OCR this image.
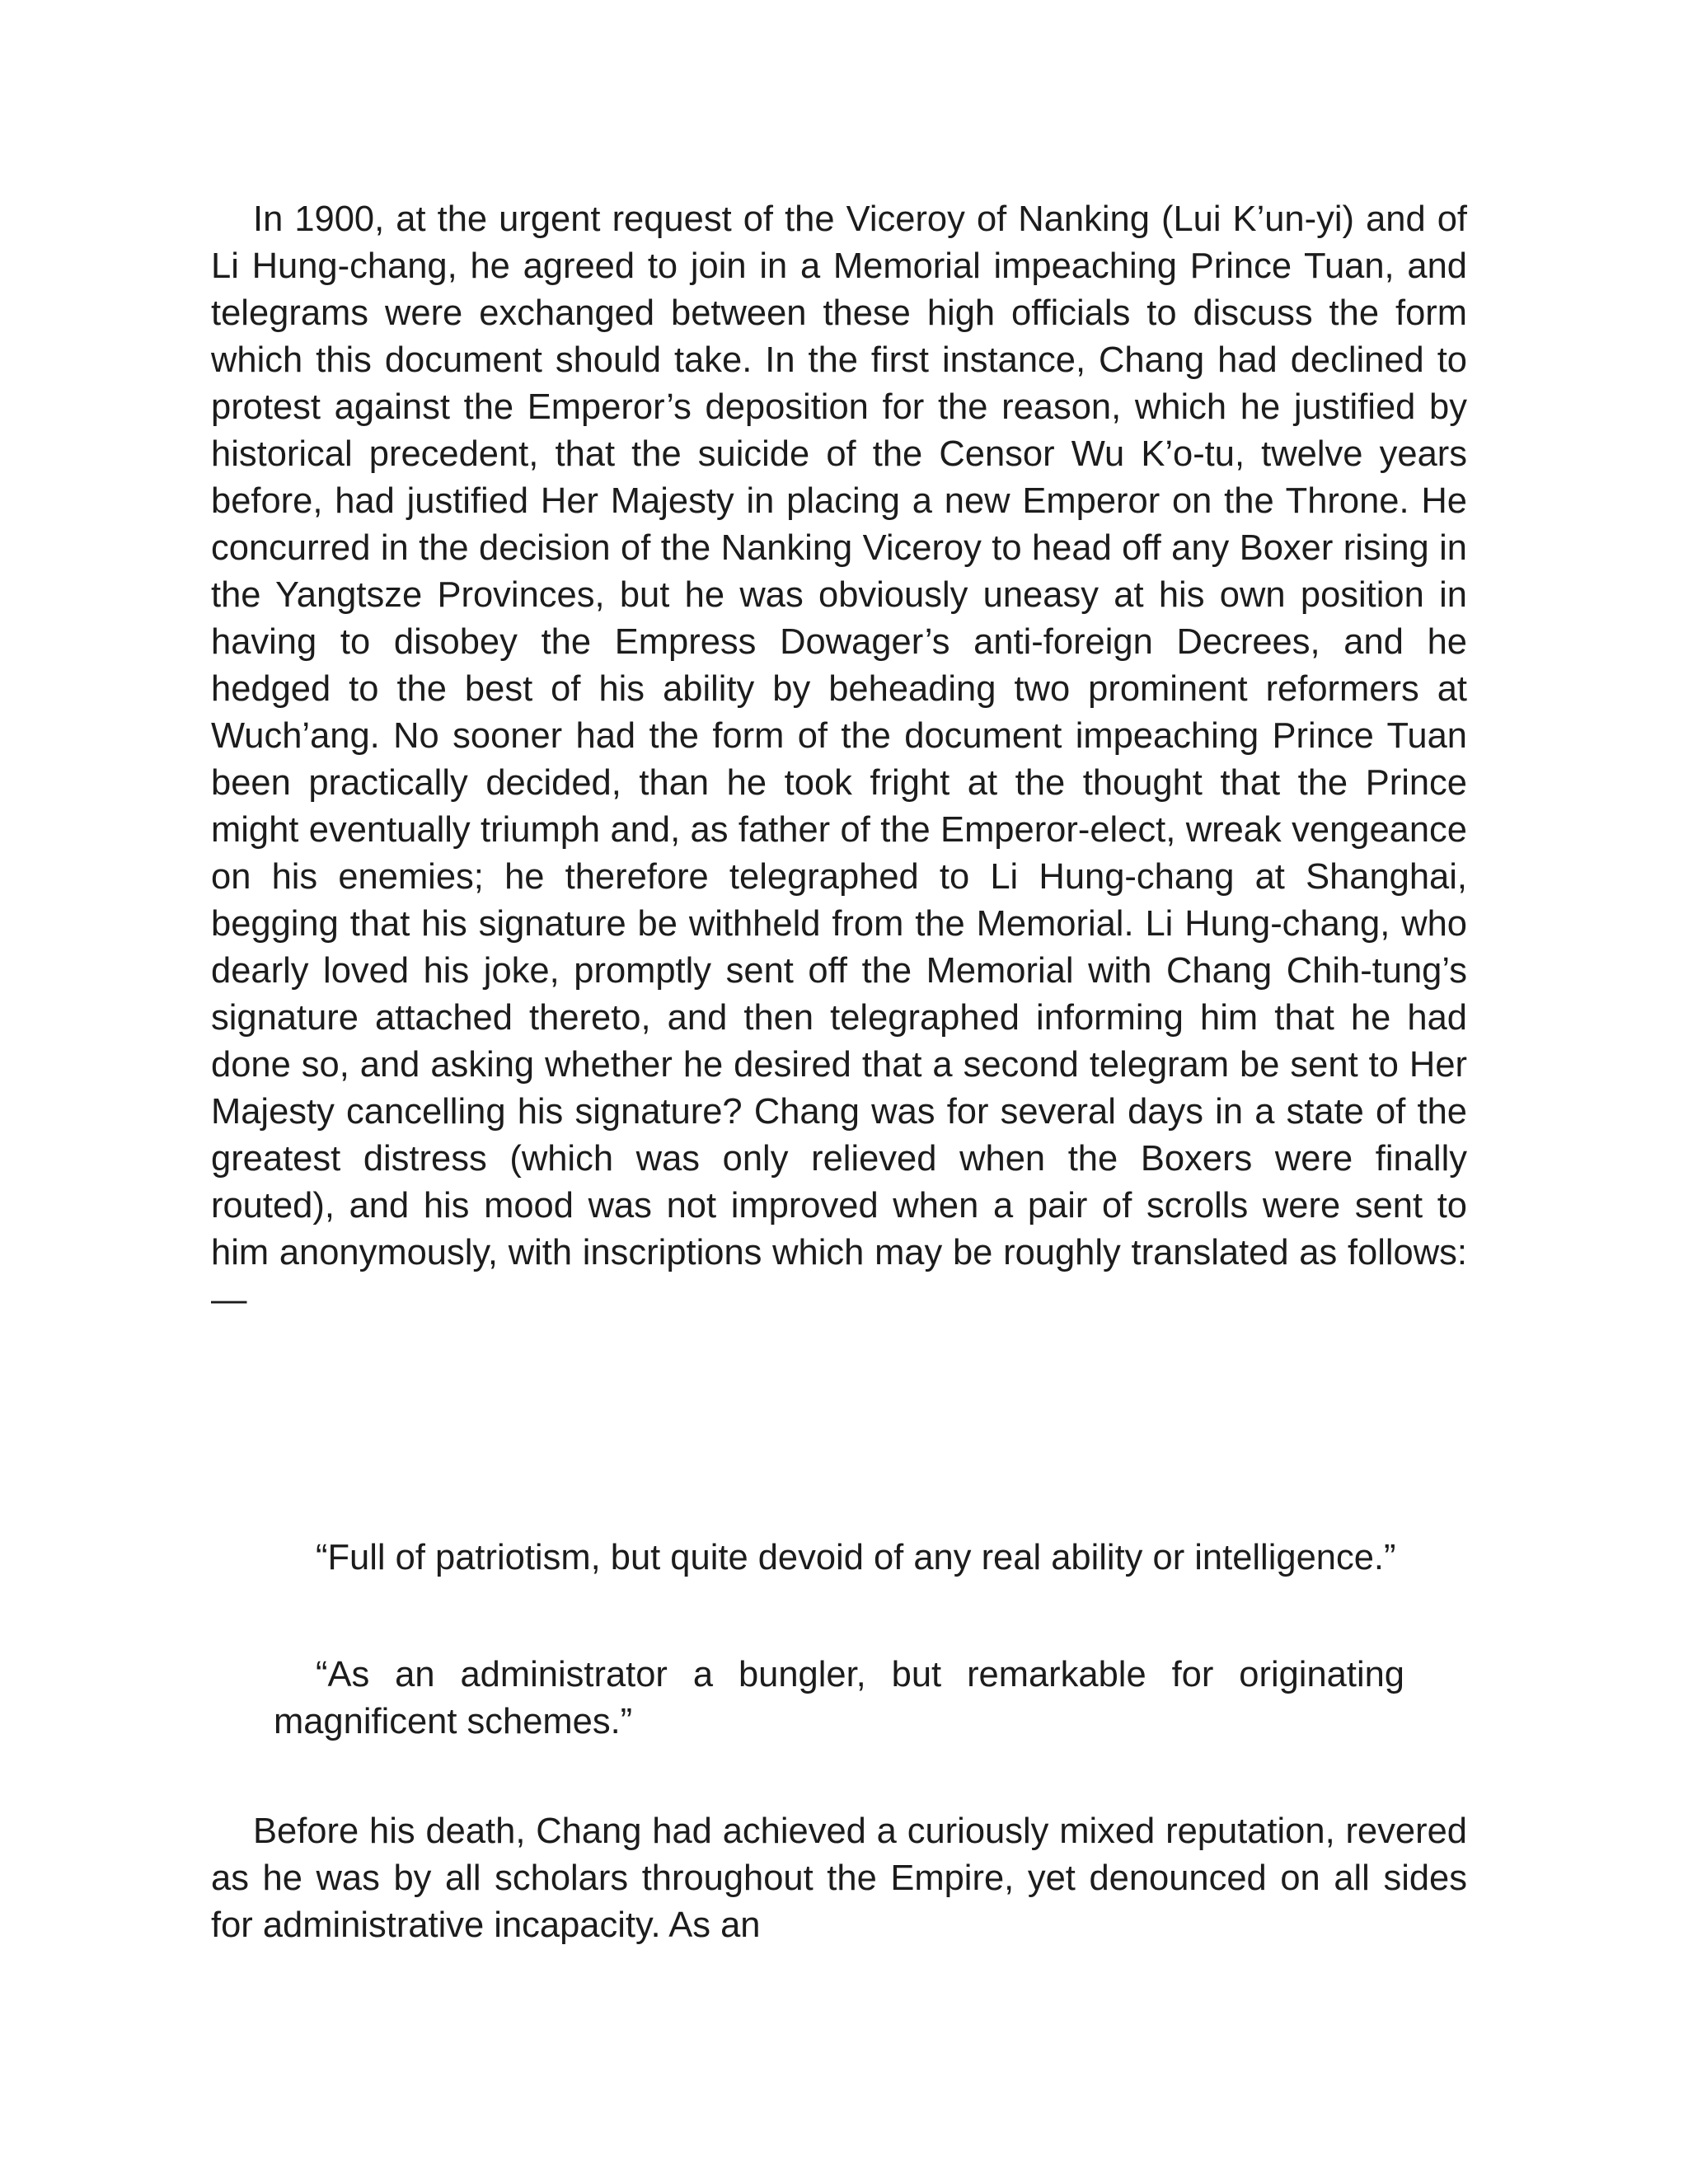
In 1900, at the urgent request of the Viceroy of Nanking (Lui K’un-yi) and of Li Hung-chang, he agreed to join in a Memorial impeaching Prince Tuan, and telegrams were exchanged between these high officials to discuss the form which this document should take. In the first instance, Chang had declined to protest against the Emperor’s deposition for the reason, which he justified by historical precedent, that the suicide of the Censor Wu K’o-tu, twelve years before, had justified Her Majesty in placing a new Emperor on the Throne. He concurred in the decision of the Nanking Viceroy to head off any Boxer rising in the Yangtsze Provinces, but he was obviously uneasy at his own position in having to disobey the Empress Dowager’s anti-foreign Decrees, and he hedged to the best of his ability by beheading two prominent reformers at Wuch’ang. No sooner had the form of the document impeaching Prince Tuan been practically decided, than he took fright at the thought that the Prince might eventually triumph and, as father of the Emperor-elect, wreak vengeance on his enemies; he therefore telegraphed to Li Hung-chang at Shanghai, begging that his signature be withheld from the Memorial. Li Hung-chang, who dearly loved his joke, promptly sent off the Memorial with Chang Chih-tung’s signature attached thereto, and then telegraphed informing him that he had done so, and asking whether he desired that a second telegram be sent to Her Majesty cancelling his signature? Chang was for several days in a state of the greatest distress (which was only relieved when the Boxers were finally routed), and his mood was not improved when a pair of scrolls were sent to him anonymously, with inscriptions which may be roughly translated as follows:—

“Full of patriotism, but quite devoid of any real ability or intelligence.”

“As an administrator a bungler, but remarkable for originating magnificent schemes.”

Before his death, Chang had achieved a curiously mixed reputation, revered as he was by all scholars throughout the Empire, yet denounced on all sides for administrative incapacity. As an
